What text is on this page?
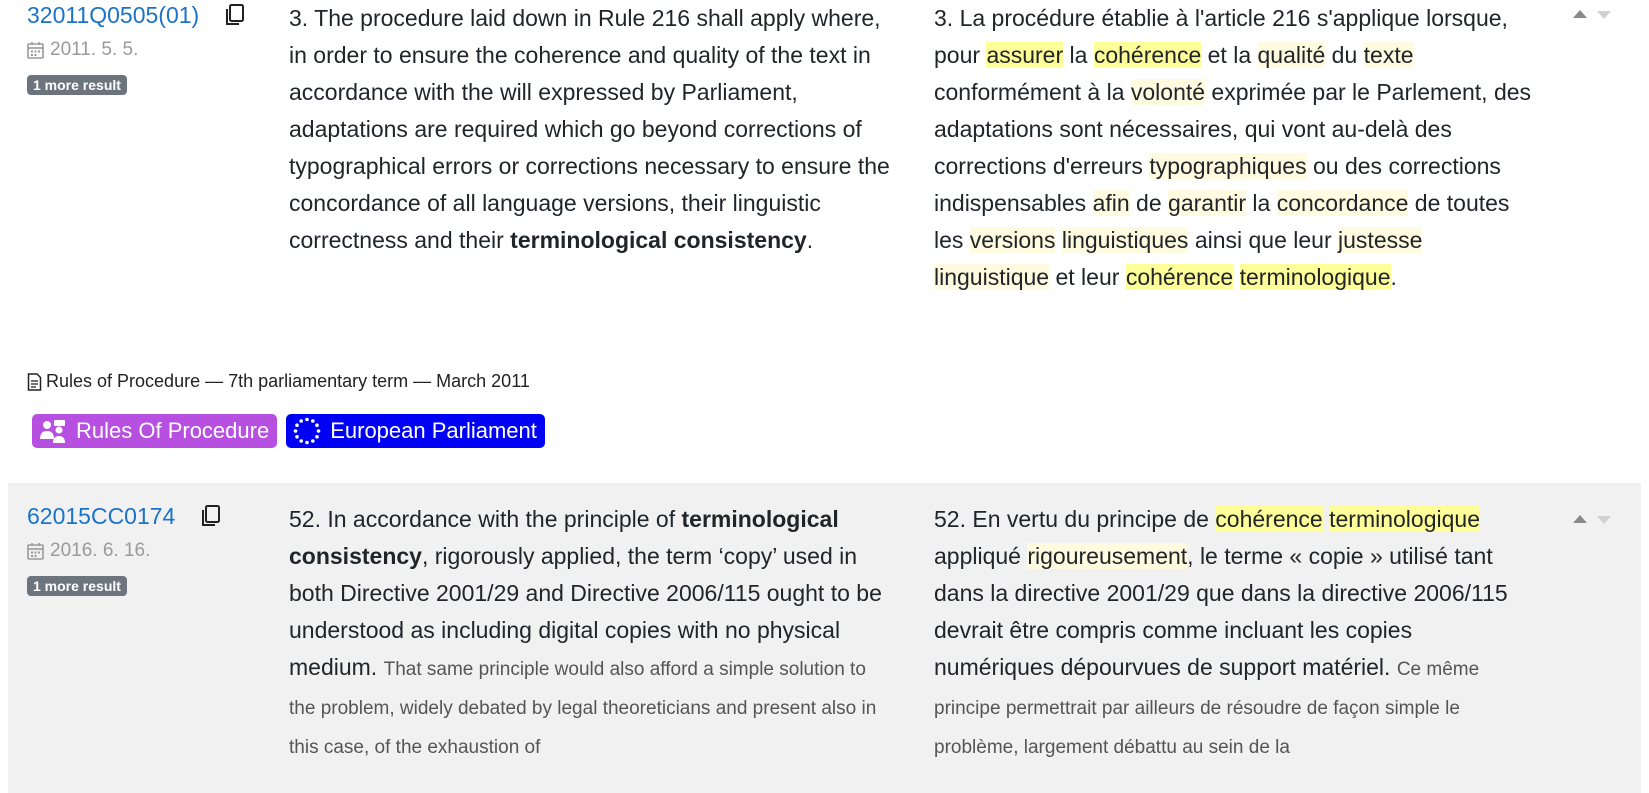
32011Q0505(01)
2011. 5. 5.
1 more result
3. The procedure laid down in Rule 216 shall apply where, in order to ensure the coherence and quality of the text in accordance with the will expressed by Parliament, adaptations are required which go beyond corrections of typographical errors or corrections necessary to ensure the concordance of all language versions, their linguistic correctness and their terminological consistency.
3. La procédure établie à l'article 216 s'applique lorsque, pour assurer la cohérence et la qualité du texte conformément à la volonté exprimée par le Parlement, des adaptations sont nécessaires, qui vont au-delà des corrections d'erreurs typographiques ou des corrections indispensables afin de garantir la concordance de toutes les versions linguistiques ainsi que leur justesse linguistique et leur cohérence terminologique.
Rules of Procedure — 7th parliamentary term — March 2011
Rules Of Procedure	European Parliament
62015CC0174
2016. 6. 16.
1 more result
52. In accordance with the principle of terminological consistency, rigorously applied, the term ‘copy’ used in both Directive 2001/29 and Directive 2006/115 ought to be understood as including digital copies with no physical medium. That same principle would also afford a simple solution to the problem, widely debated by legal theoreticians and present also in this case, of the exhaustion of
52. En vertu du principe de cohérence terminologique appliqué rigoureusement, le terme « copie » utilisé tant dans la directive 2001/29 que dans la directive 2006/115 devrait être compris comme incluant les copies numériques dépourvues de support matériel. Ce même principe permettrait par ailleurs de résoudre de façon simple le problème, largement débattu au sein de la
